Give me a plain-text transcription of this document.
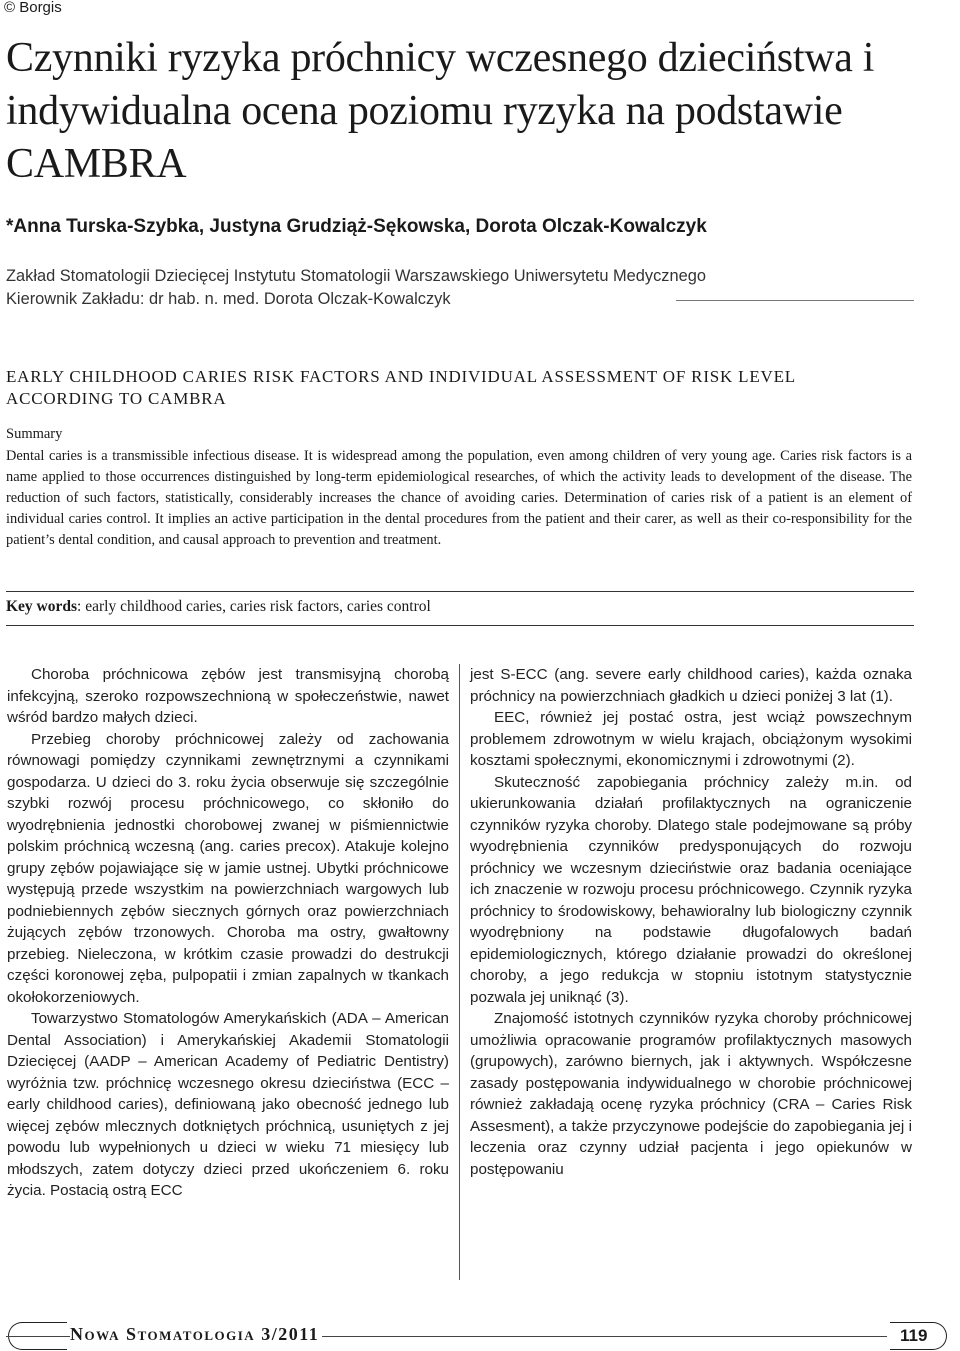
© Borgis
Czynniki ryzyka próchnicy wczesnego dzieciństwa i indywidualna ocena poziomu ryzyka na podstawie CAMBRA
*Anna Turska-Szybka, Justyna Grudziąż-Sękowska, Dorota Olczak-Kowalczyk
Zakład Stomatologii Dziecięcej Instytutu Stomatologii Warszawskiego Uniwersytetu Medycznego
Kierownik Zakładu: dr hab. n. med. Dorota Olczak-Kowalczyk
EARLY CHILDHOOD CARIES RISK FACTORS AND INDIVIDUAL ASSESSMENT OF RISK LEVEL ACCORDING TO CAMBRA
Summary
Dental caries is a transmissible infectious disease. It is widespread among the population, even among children of very young age. Caries risk factors is a name applied to those occurrences distinguished by long-term epidemiological researches, of which the activity leads to development of the disease. The reduction of such factors, statistically, considerably increases the chance of avoiding caries. Determination of caries risk of a patient is an element of individual caries control. It implies an active participation in the dental procedures from the patient and their carer, as well as their co-responsibility for the patient’s dental condition, and causal approach to prevention and treatment.
Key words: early childhood caries, caries risk factors, caries control

Choroba próchnicowa zębów jest transmisyjną chorobą infekcyjną, szeroko rozpowszechnioną w społeczeństwie, nawet wśród bardzo małych dzieci.

Przebieg choroby próchnicowej zależy od zachowania równowagi pomiędzy czynnikami zewnętrznymi a czynnikami gospodarza. U dzieci do 3. roku życia obserwuje się szczególnie szybki rozwój procesu próchnicowego, co skłoniło do wyodrębnienia jednostki chorobowej zwanej w piśmiennictwie polskim próchnicą wczesną (ang. caries precox). Atakuje kolejno grupy zębów pojawiające się w jamie ustnej. Ubytki próchnicowe występują przede wszystkim na powierzchniach wargowych lub podniebiennych zębów siecznych górnych oraz powierzchniach żujących zębów trzonowych. Choroba ma ostry, gwałtowny przebieg. Nieleczona, w krótkim czasie prowadzi do destrukcji części koronowej zęba, pulpopatii i zmian zapalnych w tkankach okołokorzeniowych.

Towarzystwo Stomatologów Amerykańskich (ADA – American Dental Association) i Amerykańskiej Akademii Stomatologii Dziecięcej (AADP – American Academy of Pediatric Dentistry) wyróżnia tzw. próchnicę wczesnego okresu dzieciństwa (ECC – early childhood caries), definiowaną jako obecność jednego lub więcej zębów mlecznych dotkniętych próchnicą, usuniętych z jej powodu lub wypełnionych u dzieci w wieku 71 miesięcy lub młodszych, zatem dotyczy dzieci przed ukończeniem 6. roku życia. Postacią ostrą ECC

jest S-ECC (ang. severe early childhood caries), każda oznaka próchnicy na powierzchniach gładkich u dzieci poniżej 3 lat (1).

EEC, również jej postać ostra, jest wciąż powszechnym problemem zdrowotnym w wielu krajach, obciążonym wysokimi kosztami społecznymi, ekonomicznymi i zdrowotnymi (2).

Skuteczność zapobiegania próchnicy zależy m.in. od ukierunkowania działań profilaktycznych na ograniczenie czynników ryzyka choroby. Dlatego stale podejmowane są próby wyodrębnienia czynników predysponujących do rozwoju próchnicy we wczesnym dzieciństwie oraz badania oceniające ich znaczenie w rozwoju procesu próchnicowego. Czynnik ryzyka próchnicy to środowiskowy, behawioralny lub biologiczny czynnik wyodrębniony na podstawie długofalowych badań epidemiologicznych, którego działanie prowadzi do określonej choroby, a jego redukcja w stopniu istotnym statystycznie pozwala jej uniknąć (3).

Znajomość istotnych czynników ryzyka choroby próchnicowej umożliwia opracowanie programów profilaktycznych masowych (grupowych), zarówno biernych, jak i aktywnych. Współczesne zasady postępowania indywidualnego w chorobie próchnicowej również zakładają ocenę ryzyka próchnicy (CRA – Caries Risk Assesment), a także przyczynowe podejście do zapobiegania jej i leczenia oraz czynny udział pacjenta i jego opiekunów w postępowaniu

Nowa Stomatologia 3/2011	119
